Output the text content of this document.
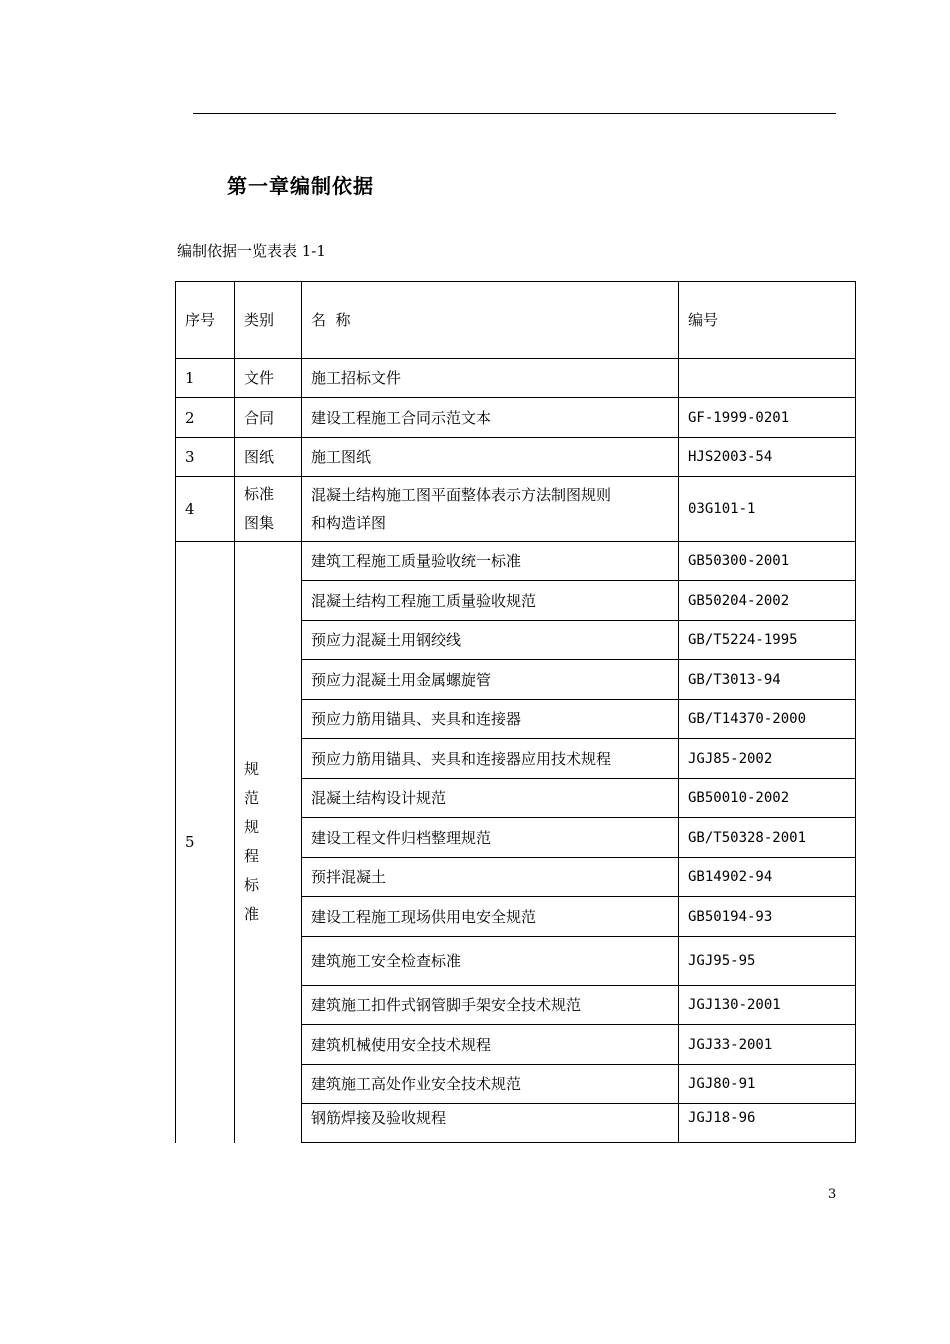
第一章编制依据
编制依据一览表表 1-1
序号	类别	名  称	编号
1	文件	施工招标文件	
2	合同	建设工程施工合同示范文本	GF-1999-0201
3	图纸	施工图纸	HJS2003-54
4	标准图集	混凝土结构施工图平面整体表示方法制图规则和构造详图	03G101-1
5	规范规程标准	建筑工程施工质量验收统一标准	GB50300-2001
		混凝土结构工程施工质量验收规范	GB50204-2002
		预应力混凝土用钢绞线	GB/T5224-1995
		预应力混凝土用金属螺旋管	GB/T3013-94
		预应力筋用锚具、夹具和连接器	GB/T14370-2000
		预应力筋用锚具、夹具和连接器应用技术规程	JGJ85-2002
		混凝土结构设计规范	GB50010-2002
		建设工程文件归档整理规范	GB/T50328-2001
		预拌混凝土	GB14902-94
		建设工程施工现场供用电安全规范	GB50194-93
		建筑施工安全检查标准	JGJ95-95
		建筑施工扣件式钢管脚手架安全技术规范	JGJ130-2001
		建筑机械使用安全技术规程	JGJ33-2001
		建筑施工高处作业安全技术规范	JGJ80-91
		钢筋焊接及验收规程	JGJ18-96
3
